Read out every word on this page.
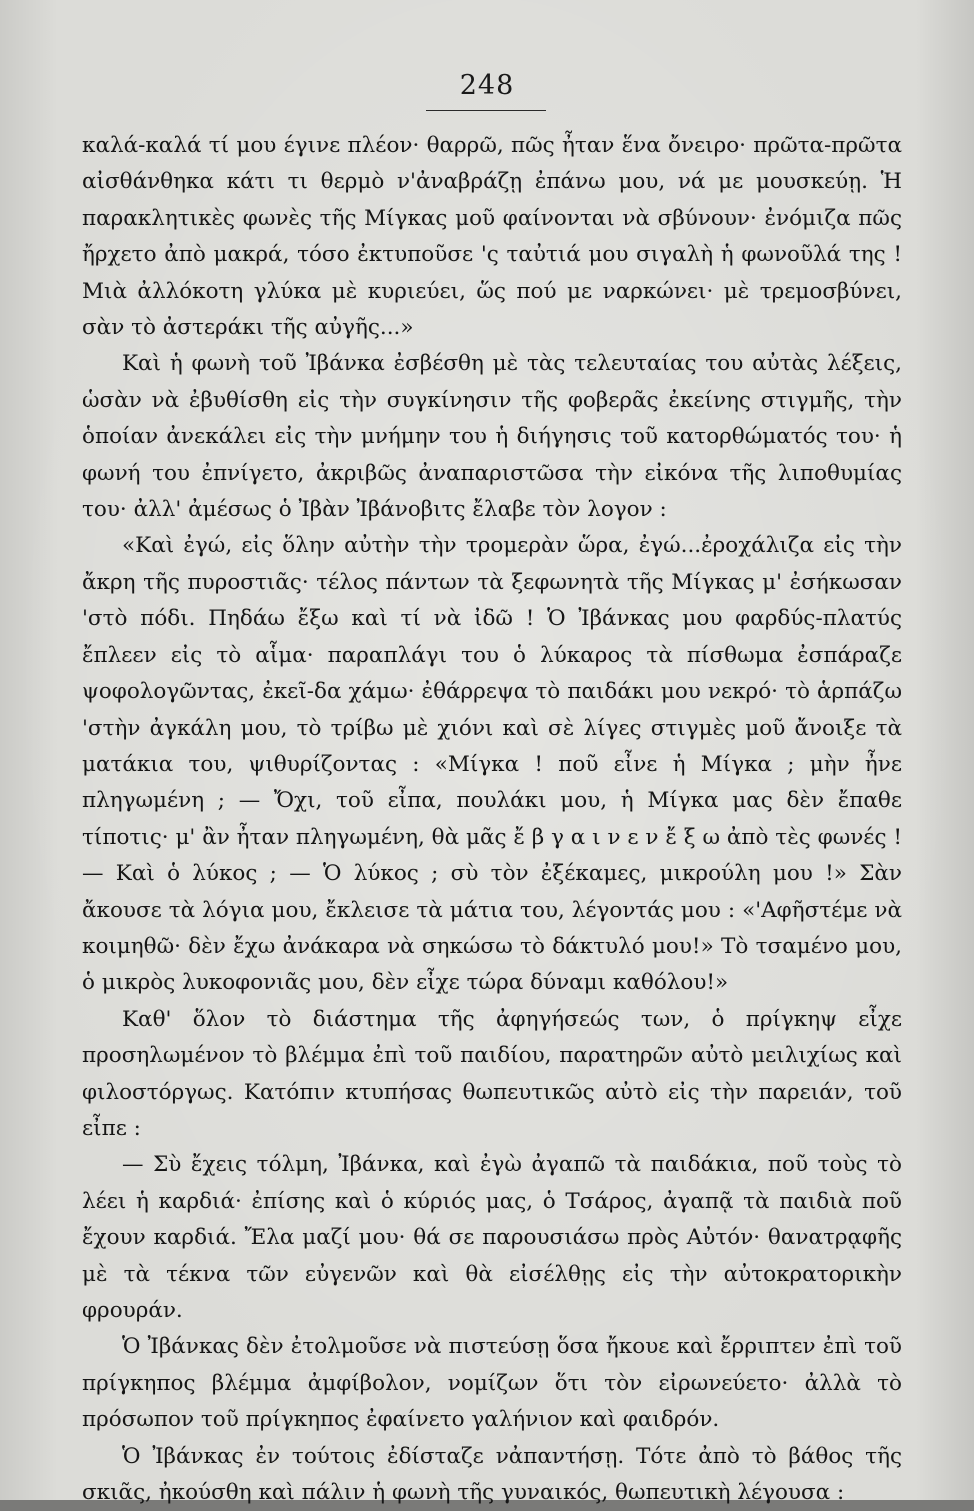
248

καλά-καλά τί μου έγινε πλέον· θαρρῶ, πῶς ἦταν ἕνα ὄνειρο· πρῶτα-πρῶτα αἰσθάνθηκα κάτι τι θερμὸ ν'ἀναβράζῃ ἐπάνω μου, νά με μουσκεύῃ. Ἡ παρακλητικὲς φωνὲς τῆς Μίγκας μοῦ φαίνονται νὰ σβύνουν· ἐνόμιζα πῶς ἤρχετο ἀπὸ μακρά, τόσο ἐκτυποῦσε 'ς ταὐτιά μου σιγαλὴ ἡ φωνοῦλά της ! Μιὰ ἀλλόκοτη γλύκα μὲ κυριεύει, ὥς πού με ναρκώνει· μὲ τρεμοσβύνει, σὰν τὸ ἀστεράκι τῆς αὐγῆς...»

Καὶ ἡ φωνὴ τοῦ Ἰβάνκα ἐσβέσθη μὲ τὰς τελευταίας του αὐτὰς λέξεις, ὡσὰν νὰ ἐβυθίσθη εἰς τὴν συγκίνησιν τῆς φοβερᾶς ἐκείνης στιγμῆς, τὴν ὁποίαν ἀνεκάλει εἰς τὴν μνήμην του ἡ διήγησις τοῦ κατορθώματός του· ἡ φωνή του ἐπνίγετο, ἀκριβῶς ἀναπαριστῶσα τὴν εἰκόνα τῆς λιποθυμίας του· ἀλλ' ἀμέσως ὁ Ἰβὰν Ἰβάνοβιτς ἔλαβε τὸν λογον :

«Καὶ ἐγώ, εἰς ὅλην αὐτὴν τὴν τρομερὰν ὥρα, ἐγώ...ἐροχάλιζα εἰς τὴν ἄκρη τῆς πυροστιᾶς· τέλος πάντων τὰ ξεφωνητὰ τῆς Μίγκας μ' ἐσήκωσαν 'στὸ πόδι. Πηδάω ἔξω καὶ τί νὰ ἰδῶ ! Ὁ Ἰβάνκας μου φαρδύς-πλατύς ἔπλεεν εἰς τὸ αἷμα· παραπλάγι του ὁ λύκαρος τὰ πίσθωμα ἐσπάραζε ψοφολογῶντας, ἐκεῖ-δα χάμω· ἐθάρρεψα τὸ παιδάκι μου νεκρό· τὸ ἁρπάζω 'στὴν ἀγκάλη μου, τὸ τρίβω μὲ χιόνι καὶ σὲ λίγες στιγμὲς μοῦ ἄνοιξε τὰ ματάκια του, ψιθυρίζοντας : «Μίγκα ! ποῦ εἶνε ἡ Μίγκα ; μὴν ἦνε πληγωμένη ; — Ὄχι, τοῦ εἶπα, πουλάκι μου, ἡ Μίγκα μας δὲν ἔπαθε τίποτις· μ' ἂν ἦταν πληγωμένη, θὰ μᾶς ἔ β γ α ι ν ε ν ἔ ξ ω ἀπὸ τὲς φωνές ! — Καὶ ὁ λύκος ; — Ὁ λύκος ; σὺ τὸν ἐξέκαμες, μικρούλη μου !» Σὰν ἄκουσε τὰ λόγια μου, ἔκλεισε τὰ μάτια του, λέγοντάς μου : «'Αφῆστέμε νὰ κοιμηθῶ· δὲν ἔχω ἀνάκαρα νὰ σηκώσω τὸ δάκτυλό μου!» Τὸ τσαμένο μου, ὁ μικρὸς λυκοφονιᾶς μου, δὲν εἶχε τώρα δύναμι καθόλου!»

Καθ' ὅλον τὸ διάστημα τῆς ἀφηγήσεώς των, ὁ πρίγκηψ εἶχε προσηλωμένον τὸ βλέμμα ἐπὶ τοῦ παιδίου, παρατηρῶν αὐτὸ μειλιχίως καὶ φιλοστόργως. Κατόπιν κτυπήσας θωπευτικῶς αὐτὸ εἰς τὴν παρειάν, τοῦ εἶπε :

— Σὺ ἔχεις τόλμη, Ἰβάνκα, καὶ ἐγὼ ἀγαπῶ τὰ παιδάκια, ποῦ τοὺς τὸ λέει ἡ καρδιά· ἐπίσης καὶ ὁ κύριός μας, ὁ Τσάρος, ἀγαπᾷ τὰ παιδιὰ ποῦ ἔχουν καρδιά. Ἔλα μαζί μου· θά σε παρουσιάσω πρὸς Αὐτόν· θανατρᾳφῆς μὲ τὰ τέκνα τῶν εὐγενῶν καὶ θὰ εἰσέλθῃς εἰς τὴν αὐτοκρατορικὴν φρουράν.

Ὁ Ἰβάνκας δὲν ἐτολμοῦσε νὰ πιστεύσῃ ὅσα ἤκουε καὶ ἔρριπτεν ἐπὶ τοῦ πρίγκηπος βλέμμα ἀμφίβολον, νομίζων ὅτι τὸν εἰρωνεύετο· ἀλλὰ τὸ πρόσωπον τοῦ πρίγκηπος ἐφαίνετο γαλήνιον καὶ φαιδρόν.

Ὁ Ἰβάνκας ἐν τούτοις ἐδίσταζε νἀπαντήσῃ. Τότε ἀπὸ τὸ βάθος τῆς σκιᾶς, ἠκούσθη καὶ πάλιν ἡ φωνὴ τῆς γυναικός, θωπευτικὴ λέγουσα :
